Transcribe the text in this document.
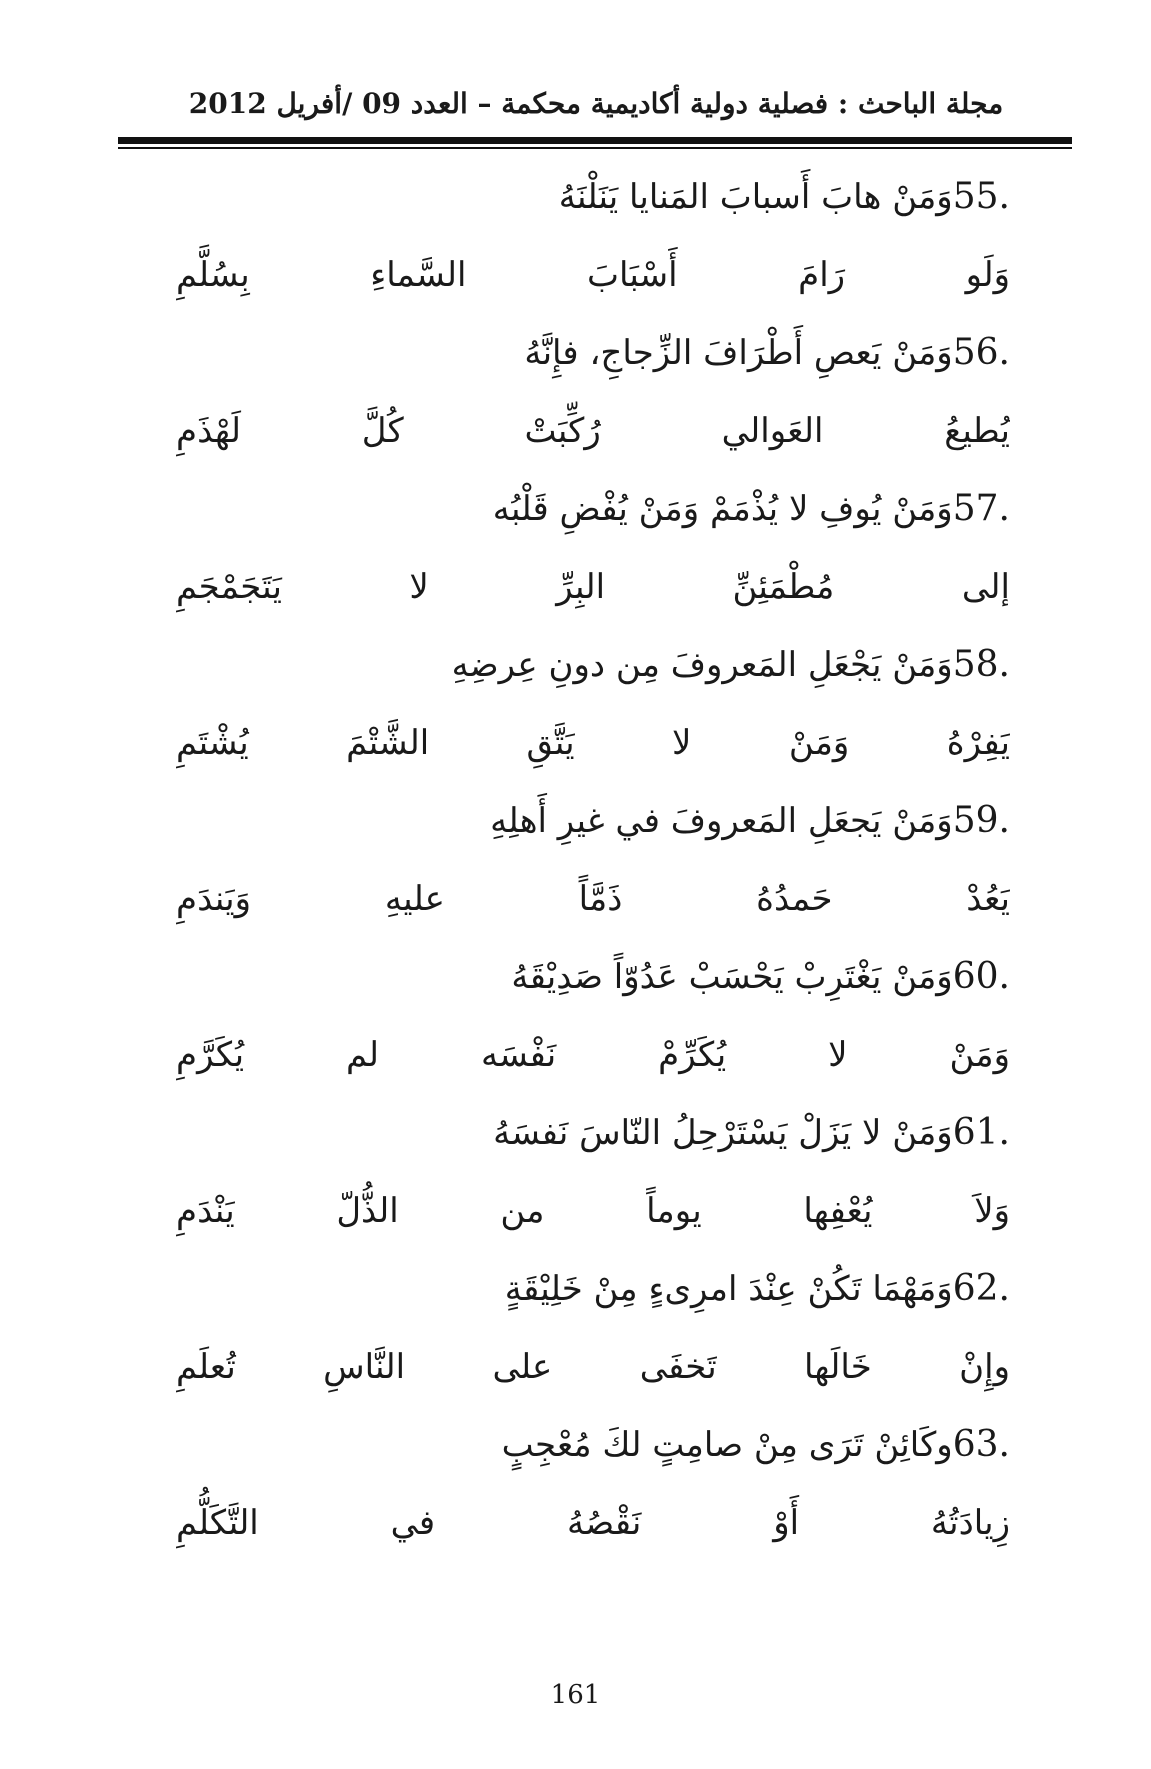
مجلة الباحث : فصلية دولية أكاديمية محكمة – العدد 09 /أفريل 2012
55.وَمَنْ هابَ أَسبابَ المَنايا يَنَلْنَهُ
وَلَو
رَامَ
أَسْبَابَ
السَّماءِ
بِسُلَّمِ
56.وَمَنْ يَعصِ أَطْرَافَ الزِّجاجِ، فإِنَّهُ
يُطيعُ
العَوالي
رُكِّبَتْ
كُلَّ
لَهْذَمِ
57.وَمَنْ يُوفِ لا يُذْمَمْ وَمَنْ يُفْضِ قَلْبُه
إلى
مُطْمَئِنِّ
البِرِّ
لا
يَتَجَمْجَمِ
58.وَمَنْ يَجْعَلِ المَعروفَ مِن دونِ عِرضِهِ
يَفِرْهُ
وَمَنْ
لا
يَتَّقِ
الشَّتْمَ
يُشْتَمِ
59.وَمَنْ يَجعَلِ المَعروفَ في غيرِ أَهلِهِ
يَعُدْ
حَمدُهُ
ذَمَّاً
عليهِ
وَيَندَمِ
60.وَمَنْ يَغْتَرِبْ يَحْسَبْ عَدُوّاً صَدِيْقَهُ
وَمَنْ
لا
يُكَرِّمْ
نَفْسَه
لم
يُكَرَّمِ
61.وَمَنْ لا يَزَلْ يَسْتَرْحِلُ النّاسَ نَفسَهُ
وَلاَ
يُعْفِها
يوماً
من
الذُّلّ
يَنْدَمِ
62.وَمَهْمَا تَكُنْ عِنْدَ امرِىءٍ مِنْ خَلِيْقَةٍ
وإِنْ
خَالَها
تَخفَى
على
النَّاسِ
تُعلَمِ
63.وكَائِنْ تَرَى مِنْ صامِتٍ لكَ مُعْجِبٍ
زِيادَتُهُ
أَوْ
نَقْصُهُ
في
التَّكَلُّمِ
161
